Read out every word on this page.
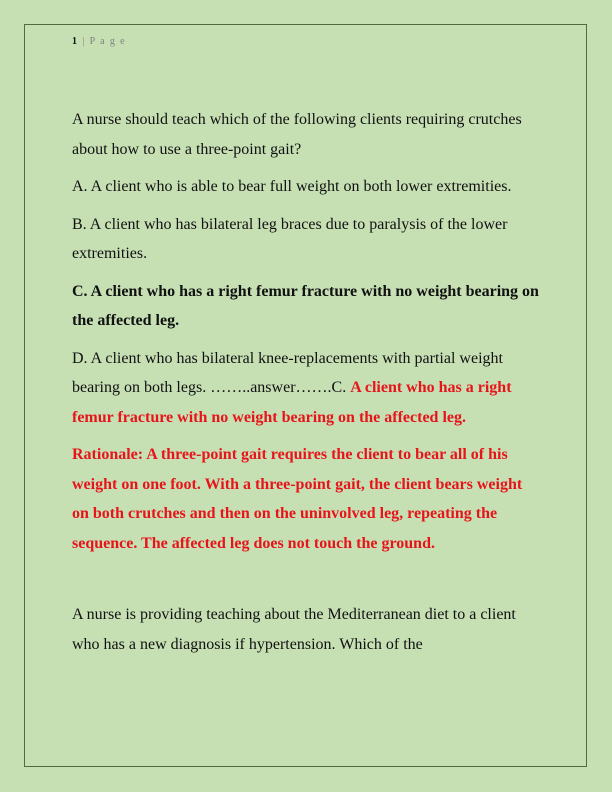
1 | P a g e

A nurse should teach which of the following clients requiring crutches about how to use a three-point gait?

A. A client who is able to bear full weight on both lower extremities.

B. A client who has bilateral leg braces due to paralysis of the lower extremities.

C. A client who has a right femur fracture with no weight bearing on the affected leg.

D. A client who has bilateral knee-replacements with partial weight bearing on both legs. ……..answer…….C. A client who has a right femur fracture with no weight bearing on the affected leg.

Rationale: A three-point gait requires the client to bear all of his weight on one foot. With a three-point gait, the client bears weight on both crutches and then on the uninvolved leg, repeating the sequence. The affected leg does not touch the ground.

A nurse is providing teaching about the Mediterranean diet to a client who has a new diagnosis if hypertension. Which of the
